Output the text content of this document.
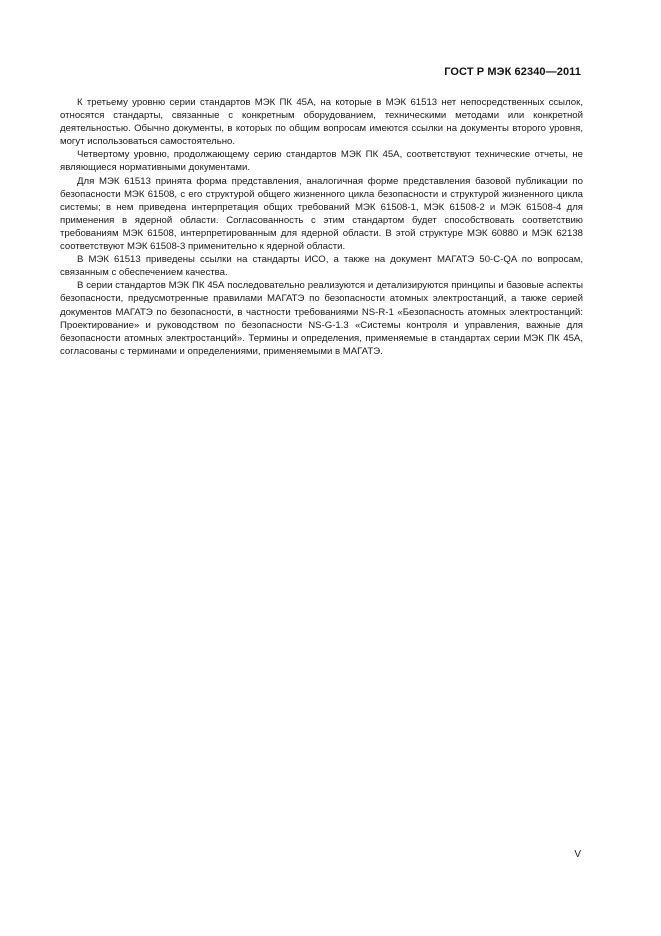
ГОСТ Р МЭК 62340—2011

К третьему уровню серии стандартов МЭК ПК 45А, на которые в МЭК 61513 нет непосредственных ссылок, относятся стандарты, связанные с конкретным оборудованием, техническими методами или конкретной деятельностью. Обычно документы, в которых по общим вопросам имеются ссылки на документы второго уровня, могут использоваться самостоятельно.

Четвертому уровню, продолжающему серию стандартов МЭК ПК 45А, соответствуют технические отчеты, не являющиеся нормативными документами.

Для МЭК 61513 принята форма представления, аналогичная форме представления базовой публикации по безопасности МЭК 61508, с его структурой общего жизненного цикла безопасности и структурой жизненного цикла системы; в нем приведена интерпретация общих требований МЭК 61508-1, МЭК 61508-2 и МЭК 61508-4 для применения в ядерной области. Согласованность с этим стандартом будет способствовать соответствию требованиям МЭК 61508, интерпретированным для ядерной области. В этой структуре МЭК 60880 и МЭК 62138 соответствуют МЭК 61508-3 применительно к ядерной области.

В МЭК 61513 приведены ссылки на стандарты ИСО, а также на документ МАГАТЭ 50-C-QA по вопросам, связанным с обеспечением качества.

В серии стандартов МЭК ПК 45А последовательно реализуются и детализируются принципы и базовые аспекты безопасности, предусмотренные правилами МАГАТЭ по безопасности атомных электростанций, а также серией документов МАГАТЭ по безопасности, в частности требованиями NS-R-1 «Безопасность атомных электростанций: Проектирование» и руководством по безопасности NS-G-1.3 «Системы контроля и управления, важные для безопасности атомных электростанций». Термины и определения, применяемые в стандартах серии МЭК ПК 45А, согласованы с терминами и определениями, применяемыми в МАГАТЭ.

V
